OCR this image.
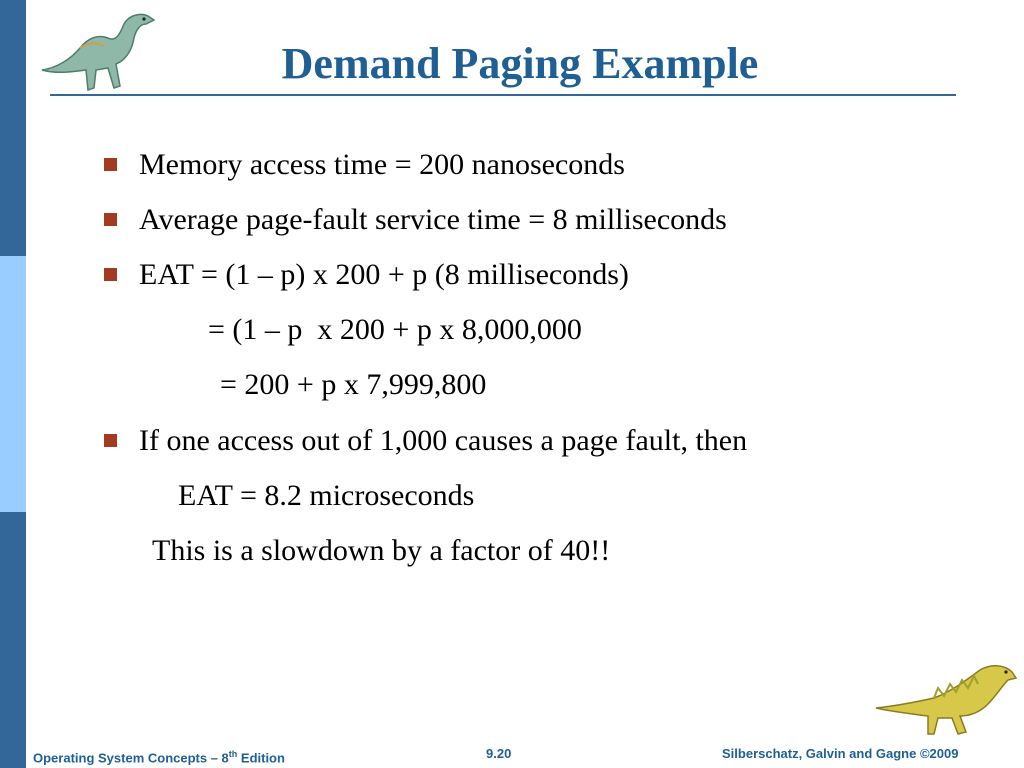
Demand Paging Example
Memory access time = 200 nanoseconds
Average page-fault service time = 8 milliseconds
EAT = (1 – p) x 200 + p (8 milliseconds)
= (1 – p  x 200 + p x 8,000,000
= 200 + p x 7,999,800
If one access out of 1,000 causes a page fault, then
EAT = 8.2 microseconds
This is a slowdown by a factor of 40!!
Operating System Concepts – 8th Edition	9.20	Silberschatz, Galvin and Gagne ©2009
